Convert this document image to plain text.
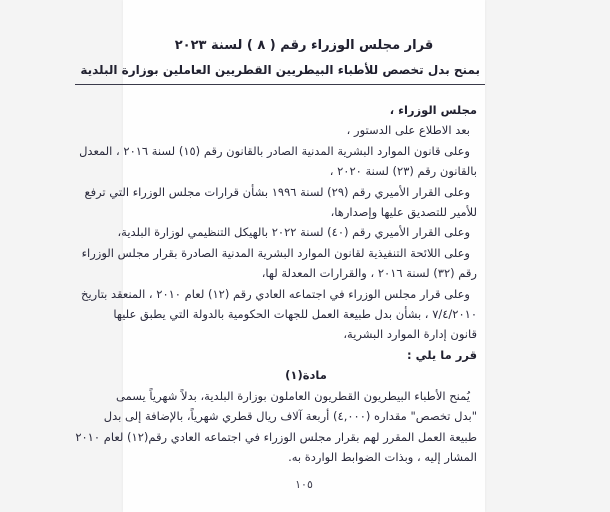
قرار مجلس الوزراء رقم ( ٨ ) لسنة ٢٠٢٣
بمنح بدل تخصص للأطباء البيطريين القطريين العاملين بوزارة البلدية
مجلس الوزراء ،
بعد الاطلاع على الدستور ،
وعلى قانون الموارد البشرية المدنية الصادر بالقانون رقم (١٥) لسنة ٢٠١٦ ، المعدل
بالقانون رقم (٢٣) لسنة ٢٠٢٠ ،
وعلى القرار الأميري رقم (٢٩) لسنة ١٩٩٦ بشأن قرارات مجلس الوزراء التي ترفع
للأمير للتصديق عليها وإصدارها،
وعلى القرار الأميري رقم (٤٠) لسنة ٢٠٢٢ بالهيكل التنظيمي لوزارة البلدية،
وعلى اللائحة التنفيذية لقانون الموارد البشرية المدنية الصادرة بقرار مجلس الوزراء
رقم (٣٢) لسنة ٢٠١٦ ، والقرارات المعدلة لها،
وعلى قرار مجلس الوزراء في اجتماعه العادي رقم (١٢) لعام ٢٠١٠ ، المنعقد بتاريخ
٧/٤/٢٠١٠ ، بشأن بدل طبيعة العمل للجهات الحكومية بالدولة التي يطبق عليها
قانون إدارة الموارد البشرية،
قرر ما يلي :
مادة(١)
يُمنح الأطباء البيطريون القطريون العاملون بوزارة البلدية، بدلاً شهرياً يسمى
"بدل تخصص" مقداره (٤,٠٠٠) أربعة آلاف ريال قطري شهرياً، بالإضافة إلى بدل
طبيعة العمل المقرر لهم بقرار مجلس الوزراء في اجتماعه العادي رقم(١٢) لعام ٢٠١٠
المشار إليه ، وبذات الضوابط الواردة به.
١٠٥
